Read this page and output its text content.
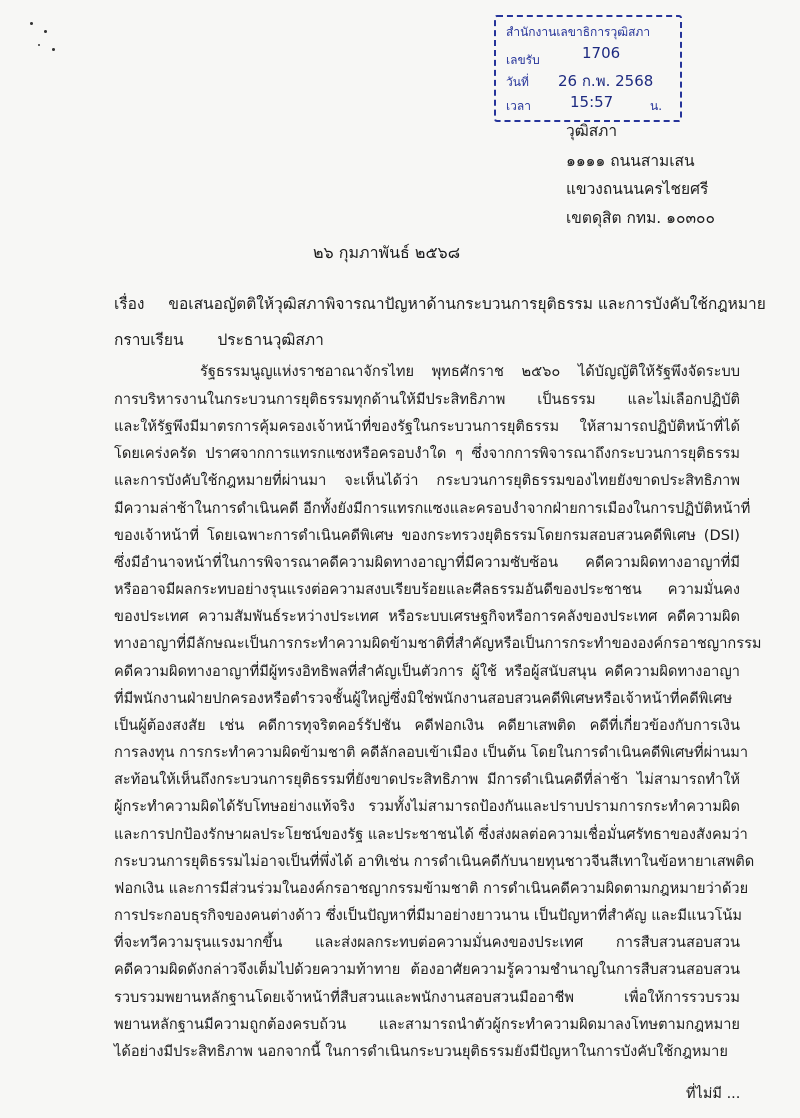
สำนักงานเลขาธิการวุฒิสภา
เลขรับ	1706
วันที่ 26 ก.พ. 2568
เวลา	15:57	น.
วุฒิสภา
๑๑๑๑ ถนนสามเสน
แขวงถนนนครไชยศรี
เขตดุสิต กทม. ๑๐๓๐๐
๒๖ กุมภาพันธ์ ๒๕๖๘
เรื่อง ขอเสนอญัตติให้วุฒิสภาพิจารณาปัญหาด้านกระบวนการยุติธรรม และการบังคับใช้กฎหมาย
กราบเรียน ประธานวุฒิสภา
รัฐธรรมนูญแห่งราชอาณาจักรไทย พุทธศักราช ๒๕๖๐ ได้บัญญัติให้รัฐพึงจัดระบบ
การบริหารงานในกระบวนการยุติธรรมทุกด้านให้มีประสิทธิภาพ เป็นธรรม และไม่เลือกปฏิบัติ
และให้รัฐพึงมีมาตรการคุ้มครองเจ้าหน้าที่ของรัฐในกระบวนการยุติธรรม ให้สามารถปฏิบัติหน้าที่ได้
โดยเคร่งครัด ปราศจากการแทรกแซงหรือครอบงำใด ๆ ซึ่งจากการพิจารณาถึงกระบวนการยุติธรรม
และการบังคับใช้กฎหมายที่ผ่านมา จะเห็นได้ว่า กระบวนการยุติธรรมของไทยยังขาดประสิทธิภาพ
มีความล่าช้าในการดำเนินคดี อีกทั้งยังมีการแทรกแซงและครอบงำจากฝ่ายการเมืองในการปฏิบัติหน้าที่
ของเจ้าหน้าที่ โดยเฉพาะการดำเนินคดีพิเศษ ของกระทรวงยุติธรรมโดยกรมสอบสวนคดีพิเศษ (DSI)
ซึ่งมีอำนาจหน้าที่ในการพิจารณาคดีความผิดทางอาญาที่มีความซับซ้อน คดีความผิดทางอาญาที่มี
หรืออาจมีผลกระทบอย่างรุนแรงต่อความสงบเรียบร้อยและศีลธรรมอันดีของประชาชน ความมั่นคง
ของประเทศ ความสัมพันธ์ระหว่างประเทศ หรือระบบเศรษฐกิจหรือการคลังของประเทศ คดีความผิด
ทางอาญาที่มีลักษณะเป็นการกระทำความผิดข้ามชาติที่สำคัญหรือเป็นการกระทำขององค์กรอาชญากรรม
คดีความผิดทางอาญาที่มีผู้ทรงอิทธิพลที่สำคัญเป็นตัวการ ผู้ใช้ หรือผู้สนับสนุน คดีความผิดทางอาญา
ที่มีพนักงานฝ่ายปกครองหรือตำรวจชั้นผู้ใหญ่ซึ่งมิใช่พนักงานสอบสวนคดีพิเศษหรือเจ้าหน้าที่คดีพิเศษ
เป็นผู้ต้องสงสัย เช่น คดีการทุจริตคอร์รัปชัน คดีฟอกเงิน คดียาเสพติด คดีที่เกี่ยวข้องกับการเงิน
การลงทุน การกระทำความผิดข้ามชาติ คดีลักลอบเข้าเมือง เป็นต้น โดยในการดำเนินคดีพิเศษที่ผ่านมา
สะท้อนให้เห็นถึงกระบวนการยุติธรรมที่ยังขาดประสิทธิภาพ มีการดำเนินคดีที่ล่าช้า ไม่สามารถทำให้
ผู้กระทำความผิดได้รับโทษอย่างแท้จริง รวมทั้งไม่สามารถป้องกันและปราบปรามการกระทำความผิด
และการปกป้องรักษาผลประโยชน์ของรัฐ และประชาชนได้ ซึ่งส่งผลต่อความเชื่อมั่นศรัทธาของสังคมว่า
กระบวนการยุติธรรมไม่อาจเป็นที่พึ่งได้ อาทิเช่น การดำเนินคดีกับนายทุนชาวจีนสีเทาในข้อหายาเสพติด
ฟอกเงิน และการมีส่วนร่วมในองค์กรอาชญากรรมข้ามชาติ การดำเนินคดีความผิดตามกฎหมายว่าด้วย
การประกอบธุรกิจของคนต่างด้าว ซึ่งเป็นปัญหาที่มีมาอย่างยาวนาน เป็นปัญหาที่สำคัญ และมีแนวโน้ม
ที่จะทวีความรุนแรงมากขึ้น และส่งผลกระทบต่อความมั่นคงของประเทศ การสืบสวนสอบสวน
คดีความผิดดังกล่าวจึงเต็มไปด้วยความท้าทาย ต้องอาศัยความรู้ความชำนาญในการสืบสวนสอบสวน
รวบรวมพยานหลักฐานโดยเจ้าหน้าที่สืบสวนและพนักงานสอบสวนมืออาชีพ เพื่อให้การรวบรวม
พยานหลักฐานมีความถูกต้องครบถ้วน และสามารถนำตัวผู้กระทำความผิดมาลงโทษตามกฎหมาย
ได้อย่างมีประสิทธิภาพ นอกจากนี้ ในการดำเนินกระบวนยุติธรรมยังมีปัญหาในการบังคับใช้กฎหมาย
ที่ไม่มี ...
